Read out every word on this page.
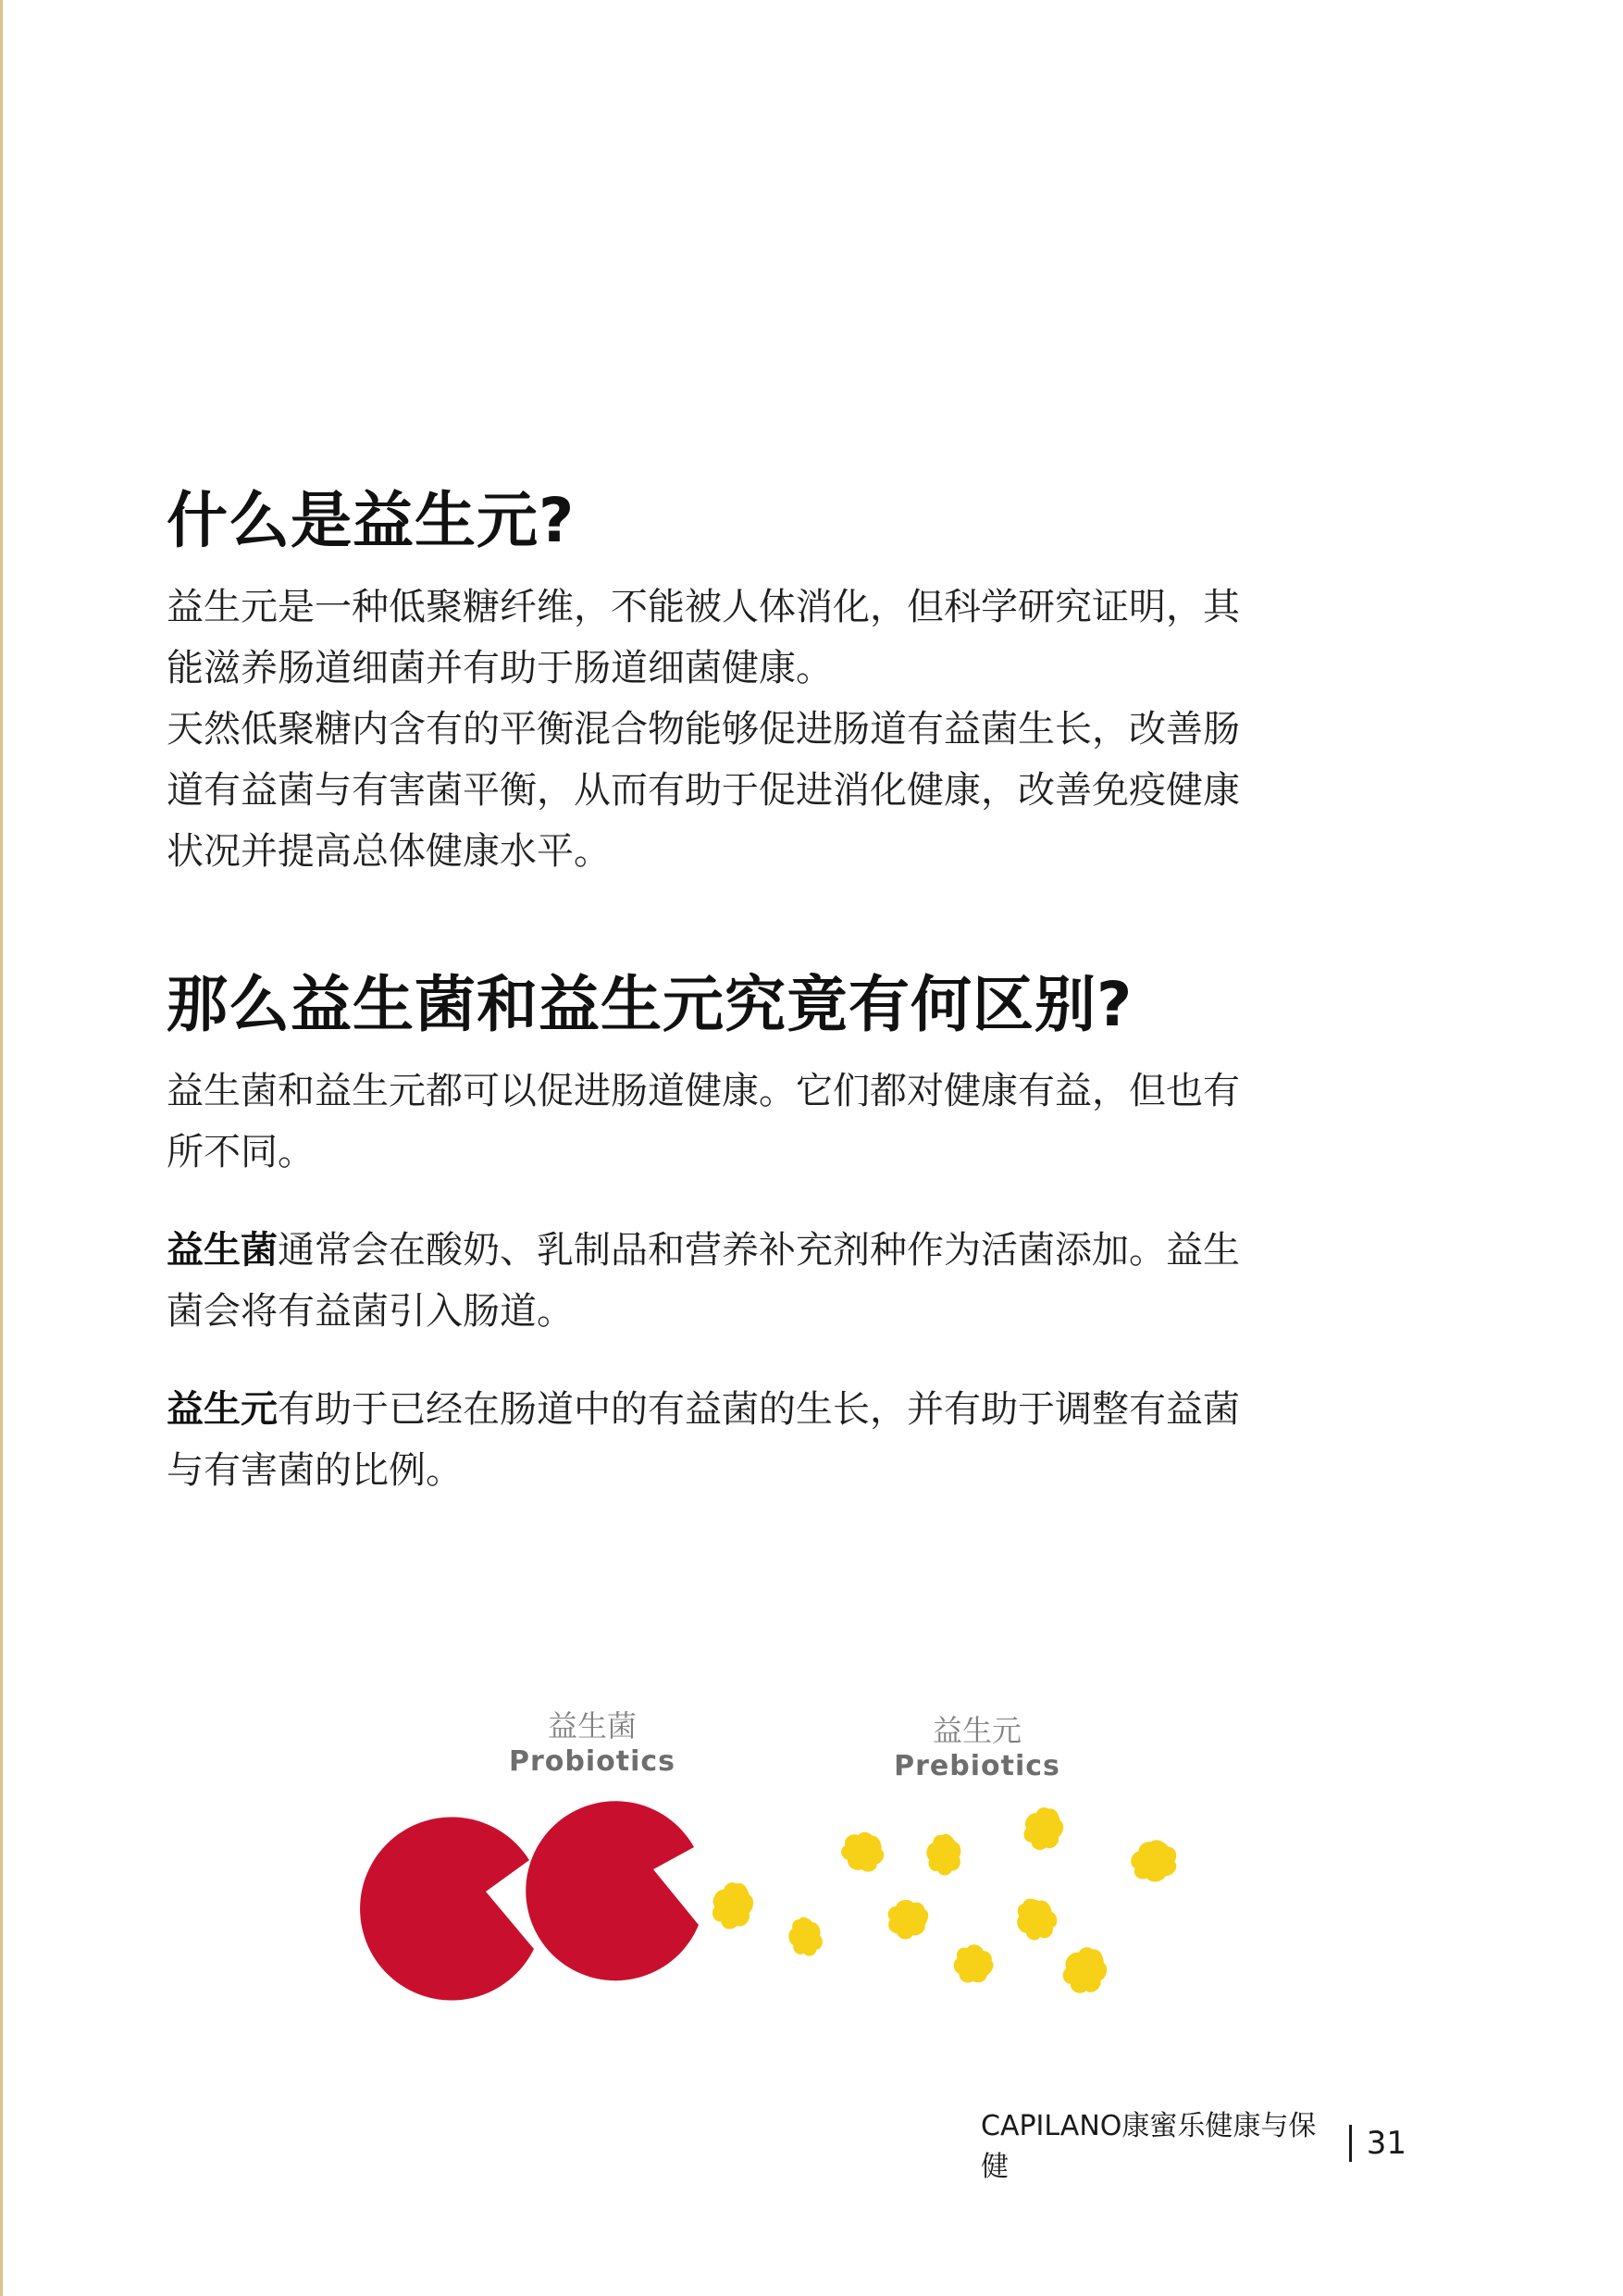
什么是益生元?

益生元是一种低聚糖纤维，不能被人体消化，但科学研究证明，其能滋养肠道细菌并有助于肠道细菌健康。

天然低聚糖内含有的平衡混合物能够促进肠道有益菌生长，改善肠道有益菌与有害菌平衡，从而有助于促进消化健康，改善免疫健康状况并提高总体健康水平。

那么益生菌和益生元究竟有何区别?

益生菌和益生元都可以促进肠道健康。它们都对健康有益，但也有所不同。

益生菌通常会在酸奶、乳制品和营养补充剂种作为活菌添加。益生菌会将有益菌引入肠道。

益生元有助于已经在肠道中的有益菌的生长，并有助于调整有益菌与有害菌的比例。

益生菌
Probiotics
益生元
Prebiotics
CAPILANO康蜜乐健康与保健
31
